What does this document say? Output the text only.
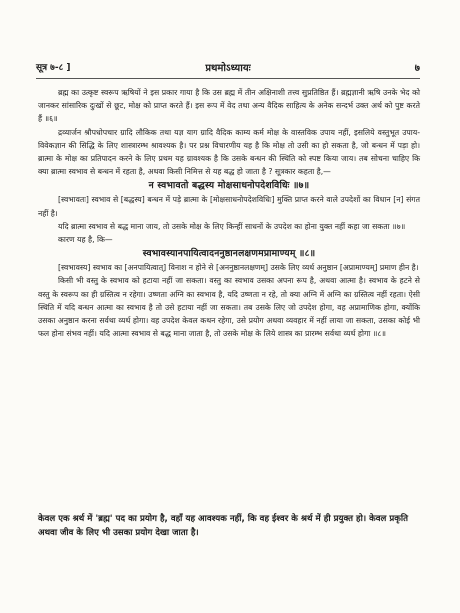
सूत्र ७-८ ]	प्रथमोऽध्यायः	७

ब्रह्म का उत्कृष्ट स्वरूप ऋषियों ने इस प्रकार गाया है कि उस ब्रह्म में तीन अक्षिनाशी तत्त्व सुप्रतिष्ठित हैं। ब्रह्मज्ञानी ऋषि उनके भेद को जानकर सांसारिक दुःखों से छूट, मोक्ष को प्राप्त करते हैं। इस रूप में वेद तथा अन्य वैदिक साहित्य के अनेक सन्दर्भ उक्त अर्थ को पुष्ट करते हैं ॥६॥

द्रव्यार्जन श्रौपधोपचार ग्रादि लौकिक तथा यज्ञ याग ग्रादि वैदिक काम्य कर्म मोक्ष के वास्तविक उपाय नहीं, इसलिये वस्तुभूत उपाय-विवेकज्ञान की सिद्धि के लिए शास्त्रारम्भ श्रावश्यक है। पर प्रश्न विचारणीय यह है कि मोक्ष तो उसी का हो सकता है, जो बन्धन में पड़ा हो। ब्रात्मा के मोक्ष का प्रतिपादन करने के लिए प्रथम यह ग्रावश्यक है कि उसके बन्धन की स्थिति को स्पष्ट किया जाय। तब सोचना चाहिए कि क्या ब्रात्मा स्वभाव से बन्धन में रहता है, अथवा किसी निमित्त से यह बद्ध हो जाता है ? सूत्रकार कहता है,—

न स्वभावतो बद्धस्य मोक्षसाधनोपदेशविधिः ॥७॥

[स्वभावतः] स्वभाव से [बद्धस्य] बन्धन में पड़े ब्रात्मा के [मोक्षसाधनोपदेशविधिः] मुक्ति प्राप्त करने वाले उपदेशों का विधान [न] संगत नहीं है।

यदि ब्रात्मा स्वभाव से बद्ध माना जाय, तो उसके मोक्ष के लिए किन्हीं साधनों के उपदेश का होना युक्त नहीं कहा जा सकता ॥७॥

कारण यह है, कि—

स्वभावस्यानपायित्वादननुष्ठानलक्षणमप्रामाण्यम् ॥८॥

[स्वभावस्य] स्वभाव का [अनपायित्वात्] विनाश न होने से [अननुष्ठानलक्षणम्] उसके लिए व्यर्थ अनुष्ठान [अप्रामाण्यम्] प्रमाण हीन है।

किसी भी वस्तु के स्वभाव को हटाया नहीं जा सकता। वस्तु का स्वभाव उसका अपना रूप है, अथवा आत्मा है। स्वभाव के हटने से वस्तु के स्वरूप का ही ग्रस्तित्व न रहेगा। उष्णता अग्नि का स्वभाव है, यदि उष्णता न रहे, तो क्या अग्नि में अग्नि का ग्रस्तित्व नहीं रहता। ऐसी स्थिति में यदि बन्धन आत्मा का स्वभाव है तो उसे हटाया नहीं जा सकता। तब उसके लिए जो उपदेश होगा, वह अप्रामाणिक होगा, क्योंकि उसका अनुष्ठान करना सर्वथा व्यर्थ होगा। वह उपदेश केवल कथन रहेगा, उसे प्रयोग अथवा व्यवहार में नहीं लाया जा सकता, उसका कोई भी फल होना संभव नहीं। यदि आत्मा स्वभाव से बद्ध माना जाता है, तो उसके मोक्ष के लिये शास्त्र का प्रारम्भ सर्वथा व्यर्थ होगा ॥८॥

केवल एक श्रर्थ में 'ब्रह्म' पद का प्रयोग है, वहाँ यह आवश्यक नहीं, कि वह ईश्वर के श्रर्थ में ही प्रयुक्त हो। केवल प्रकृति अथवा जीव के लिए भी उसका प्रयोग देखा जाता है।
